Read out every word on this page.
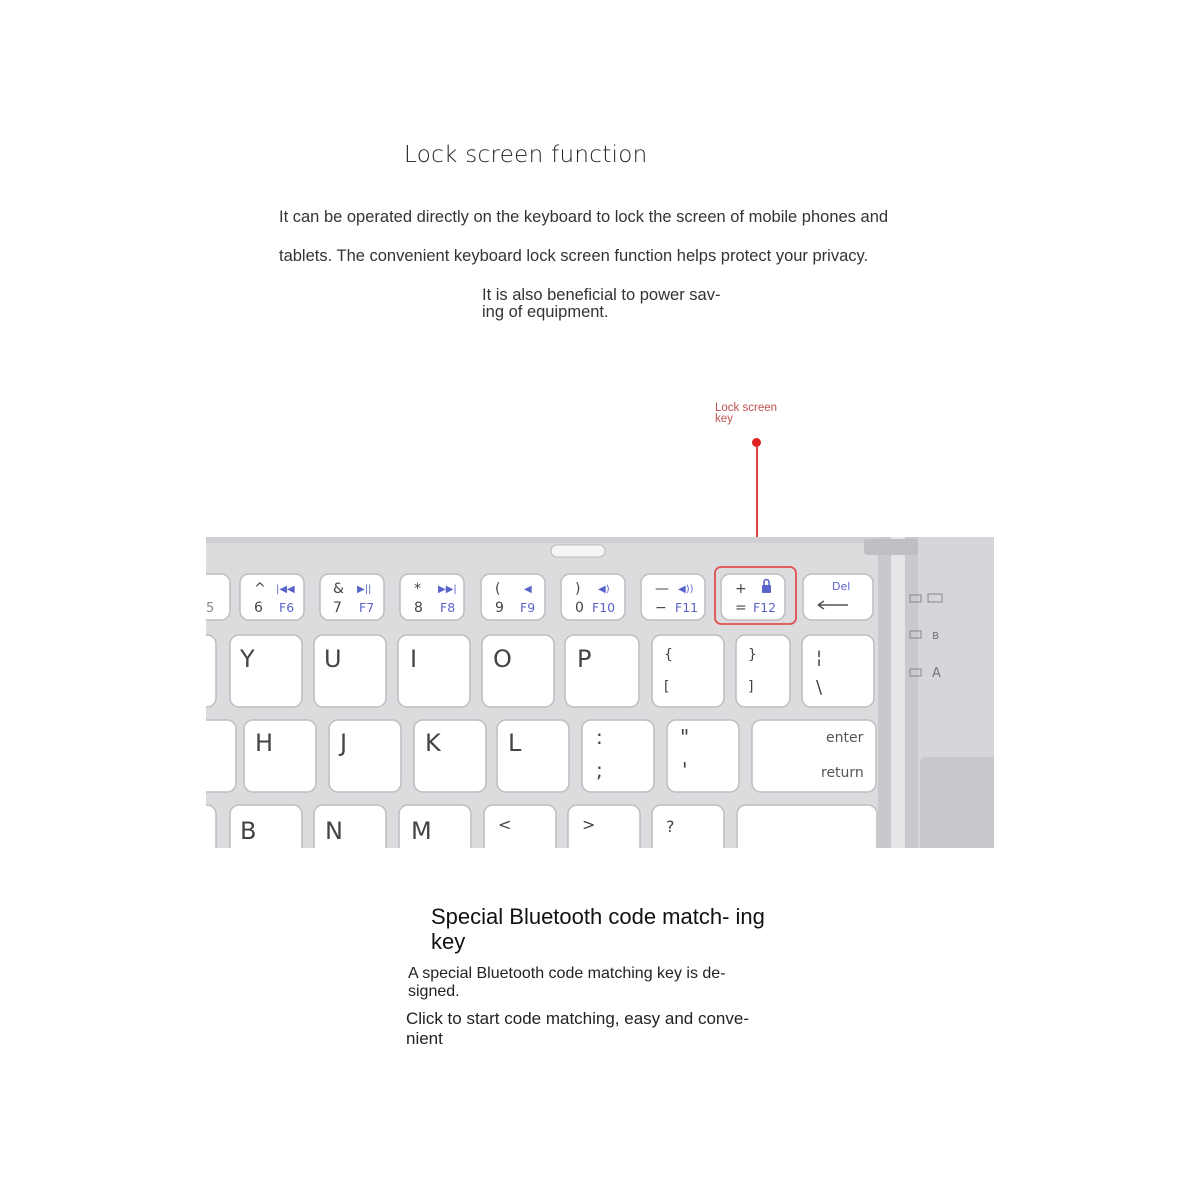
Lock screen function
It can be operated directly on the keyboard to lock the screen of mobile phones and
tablets. The convenient keyboard lock screen function helps protect your privacy.
It is also beneficial to power sav- ing of equipment.
Lock screen key
ʙ
A
5
^
6
&
7
*
8
(
9
)
0
—
−
+
=
F6
|◀◀
F7
▶||
F8
▶▶|
F9
◀
F10
◀)
F11
◀))
F12
Del
Y	U	I	O	P	{
[
}
]
¦
\
H	J	K	L	:
;
"
'
enter
return
B	N	M	<	>	?
Special Bluetooth code match- ing key
A special Bluetooth code matching key is de- signed.
Click to start code matching, easy and conve- nient
